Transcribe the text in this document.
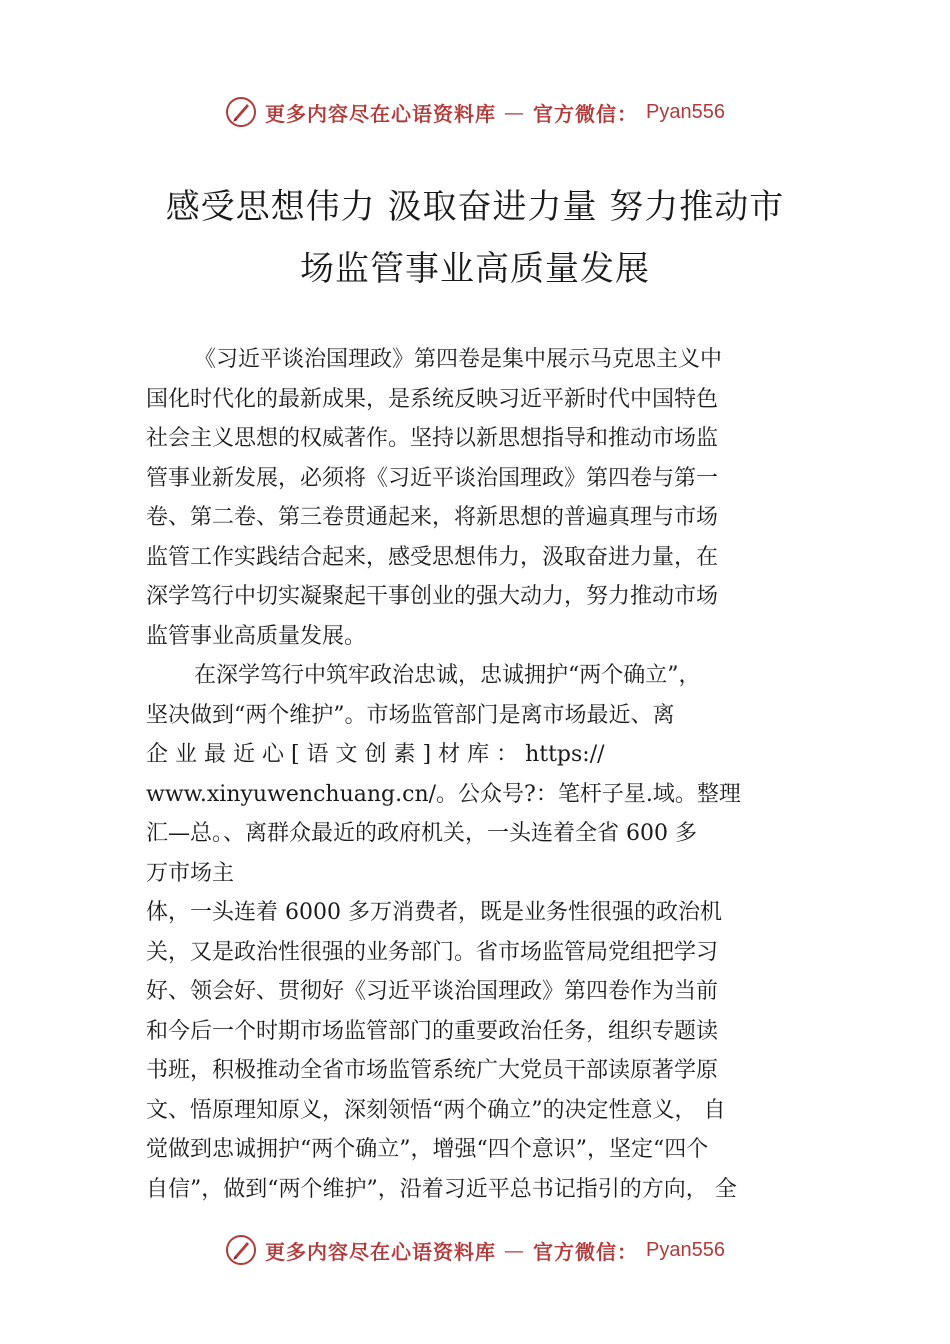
更多内容尽在心语资料库 — 官方微信： Pyan556
感受思想伟力 汲取奋进力量 努力推动市
场监管事业高质量发展
《习近平谈治国理政》第四卷是集中展示马克思主义中
国化时代化的最新成果，是系统反映习近平新时代中国特色
社会主义思想的权威著作。坚持以新思想指导和推动市场监
管事业新发展，必须将《习近平谈治国理政》第四卷与第一
卷、第二卷、第三卷贯通起来，将新思想的普遍真理与市场
监管工作实践结合起来，感受思想伟力，汲取奋进力量，在
深学笃行中切实凝聚起干事创业的强大动力，努力推动市场
监管事业高质量发展。
在深学笃行中筑牢政治忠诚，忠诚拥护“两个确立”，
坚决做到“两个维护”。市场监管部门是离市场最近、离
企 业 最 近 心 [ 语 文 创 素 ] 材 库 ： https://
www.xinyuwenchuang.cn/。公众号?：笔杆子星.域。整理
汇—总。、离群众最近的政府机关，一头连着全省 600 多
万市场主
体，一头连着 6000 多万消费者，既是业务性很强的政治机
关，又是政治性很强的业务部门。省市场监管局党组把学习
好、领会好、贯彻好《习近平谈治国理政》第四卷作为当前
和今后一个时期市场监管部门的重要政治任务，组织专题读
书班，积极推动全省市场监管系统广大党员干部读原著学原
文、悟原理知原义，深刻领悟“两个确立”的决定性意义， 自
觉做到忠诚拥护“两个确立”，增强“四个意识”，坚定“四个
自信”，做到“两个维护”，沿着习近平总书记指引的方向， 全
更多内容尽在心语资料库 — 官方微信： Pyan556
